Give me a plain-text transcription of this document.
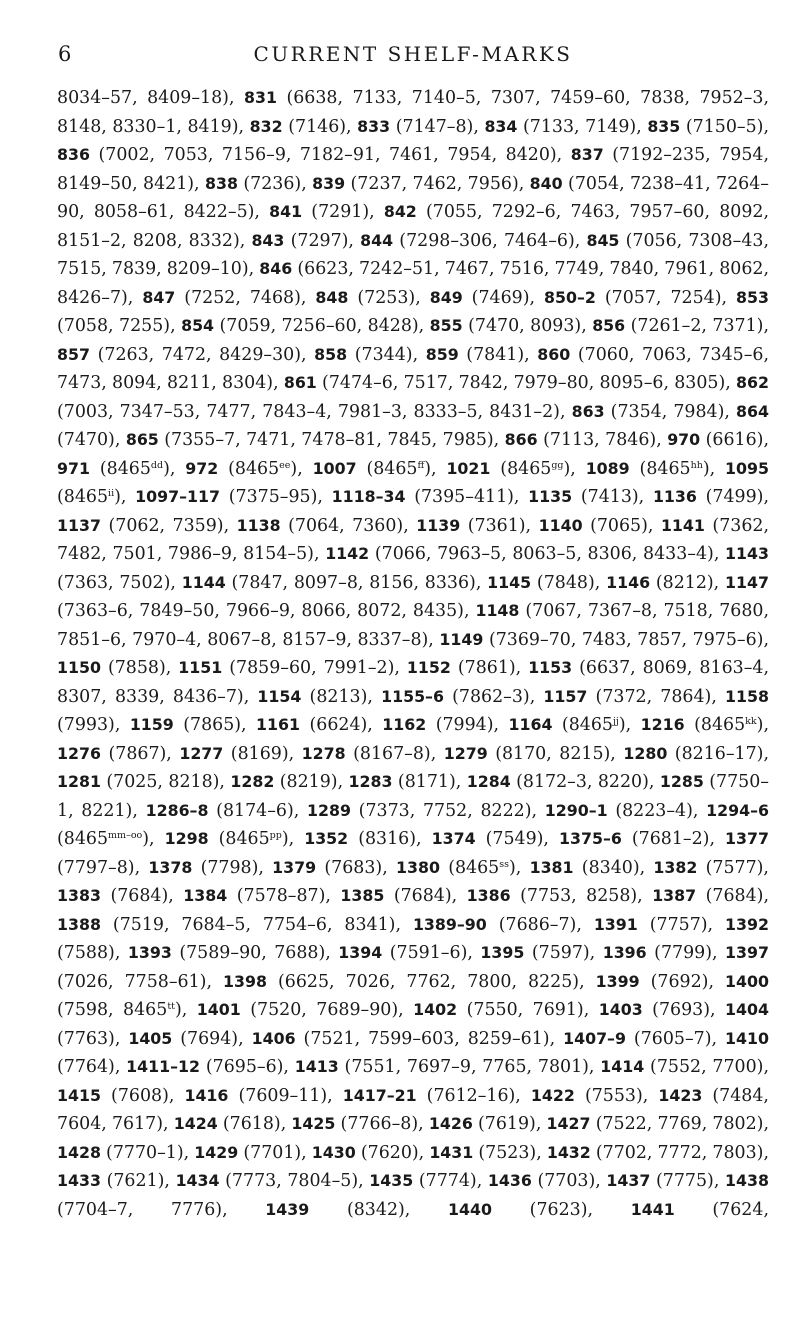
6	CURRENT SHELF-MARKS
8034–57, 8409–18), 831 (6638, 7133, 7140–5, 7307, 7459–60, 7838, 7952–3, 8148, 8330–1, 8419), 832 (7146), 833 (7147–8), 834 (7133, 7149), 835 (7150–5), 836 (7002, 7053, 7156–9, 7182–91, 7461, 7954, 8420), 837 (7192–235, 7954, 8149–50, 8421), 838 (7236), 839 (7237, 7462, 7956), 840 (7054, 7238–41, 7264–90, 8058–61, 8422–5), 841 (7291), 842 (7055, 7292–6, 7463, 7957–60, 8092, 8151–2, 8208, 8332), 843 (7297), 844 (7298–306, 7464–6), 845 (7056, 7308–43, 7515, 7839, 8209–10), 846 (6623, 7242–51, 7467, 7516, 7749, 7840, 7961, 8062, 8426–7), 847 (7252, 7468), 848 (7253), 849 (7469), 850–2 (7057, 7254), 853 (7058, 7255), 854 (7059, 7256–60, 8428), 855 (7470, 8093), 856 (7261–2, 7371), 857 (7263, 7472, 8429–30), 858 (7344), 859 (7841), 860 (7060, 7063, 7345–6, 7473, 8094, 8211, 8304), 861 (7474–6, 7517, 7842, 7979–80, 8095–6, 8305), 862 (7003, 7347–53, 7477, 7843–4, 7981–3, 8333–5, 8431–2), 863 (7354, 7984), 864 (7470), 865 (7355–7, 7471, 7478–81, 7845, 7985), 866 (7113, 7846), 970 (6616), 971 $(8465^{dd})$, 972 $(8465^{ee})$, 1007 $(8465^{ff})$, 1021 $(8465^{gg})$, 1089 $(8465^{hh})$, 1095 (8465$^{ii}$), 1097–117 (7375–95), 1118–34 (7395–411), 1135 (7413), 1136 (7499), 1137 (7062, 7359), 1138 (7064, 7360), 1139 (7361), 1140 (7065), 1141 (7362, 7482, 7501, 7986–9, 8154–5), 1142 (7066, 7963–5, 8063–5, 8306, 8433–4), 1143 (7363, 7502), 1144 (7847, 8097–8, 8156, 8336), 1145 (7848), 1146 (8212), 1147 (7363–6, 7849–50, 7966–9, 8066, 8072, 8435), 1148 (7067, 7367–8, 7518, 7680, 7851–6, 7970–4, 8067–8, 8157–9, 8337–8), 1149 (7369–70, 7483, 7857, 7975–6), 1150 (7858), 1151 (7859–60, 7991–2), 1152 (7861), 1153 (6637, 8069, 8163–4, 8307, 8339, 8436–7), 1154 (8213), 1155–6 (7862–3), 1157 (7372, 7864), 1158 (7993), 1159 (7865), 1161 (6624), 1162 (7994), 1164 $(8465^{jj})$, 1216 $(8465^{kk})$, 1276 (7867), 1277 (8169), 1278 (8167–8), 1279 (8170, 8215), 1280 (8216–17), 1281 (7025, 8218), 1282 (8219), 1283 (8171), 1284 (8172–3, 8220), 1285 (7750–1, 8221), 1286–8 (8174–6), 1289 (7373, 7752, 8222), 1290–1 (8223–4), 1294–6 $(8465^{mm-oo})$, 1298 $(8465^{pp})$, 1352 (8316), 1374 (7549), 1375–6 (7681–2), 1377 (7797–8), 1378 (7798), 1379 (7683), 1380 $(8465^{ss})$, 1381 (8340), 1382 (7577), 1383 (7684), 1384 (7578–87), 1385 (7684), 1386 (7753, 8258), 1387 (7684), 1388 (7519, 7684–5, 7754–6, 8341), 1389–90 (7686–7), 1391 (7757), 1392 (7588), 1393 (7589–90, 7688), 1394 (7591–6), 1395 (7597), 1396 (7799), 1397 (7026, 7758–61), 1398 (6625, 7026, 7762, 7800, 8225), 1399 (7692), 1400 (7598, $8465^{tt}$), 1401 (7520, 7689–90), 1402 (7550, 7691), 1403 (7693), 1404 (7763), 1405 (7694), 1406 (7521, 7599–603, 8259–61), 1407–9 (7605–7), 1410 (7764), 1411–12 (7695–6), 1413 (7551, 7697–9, 7765, 7801), 1414 (7552, 7700), 1415 (7608), 1416 (7609–11), 1417–21 (7612–16), 1422 (7553), 1423 (7484, 7604, 7617), 1424 (7618), 1425 (7766–8), 1426 (7619), 1427 (7522, 7769, 7802), 1428 (7770–1), 1429 (7701), 1430 (7620), 1431 (7523), 1432 (7702, 7772, 7803), 1433 (7621), 1434 (7773, 7804–5), 1435 (7774), 1436 (7703), 1437 (7775), 1438 (7704–7, 7776), 1439 (8342), 1440 (7623), 1441 (7624,
